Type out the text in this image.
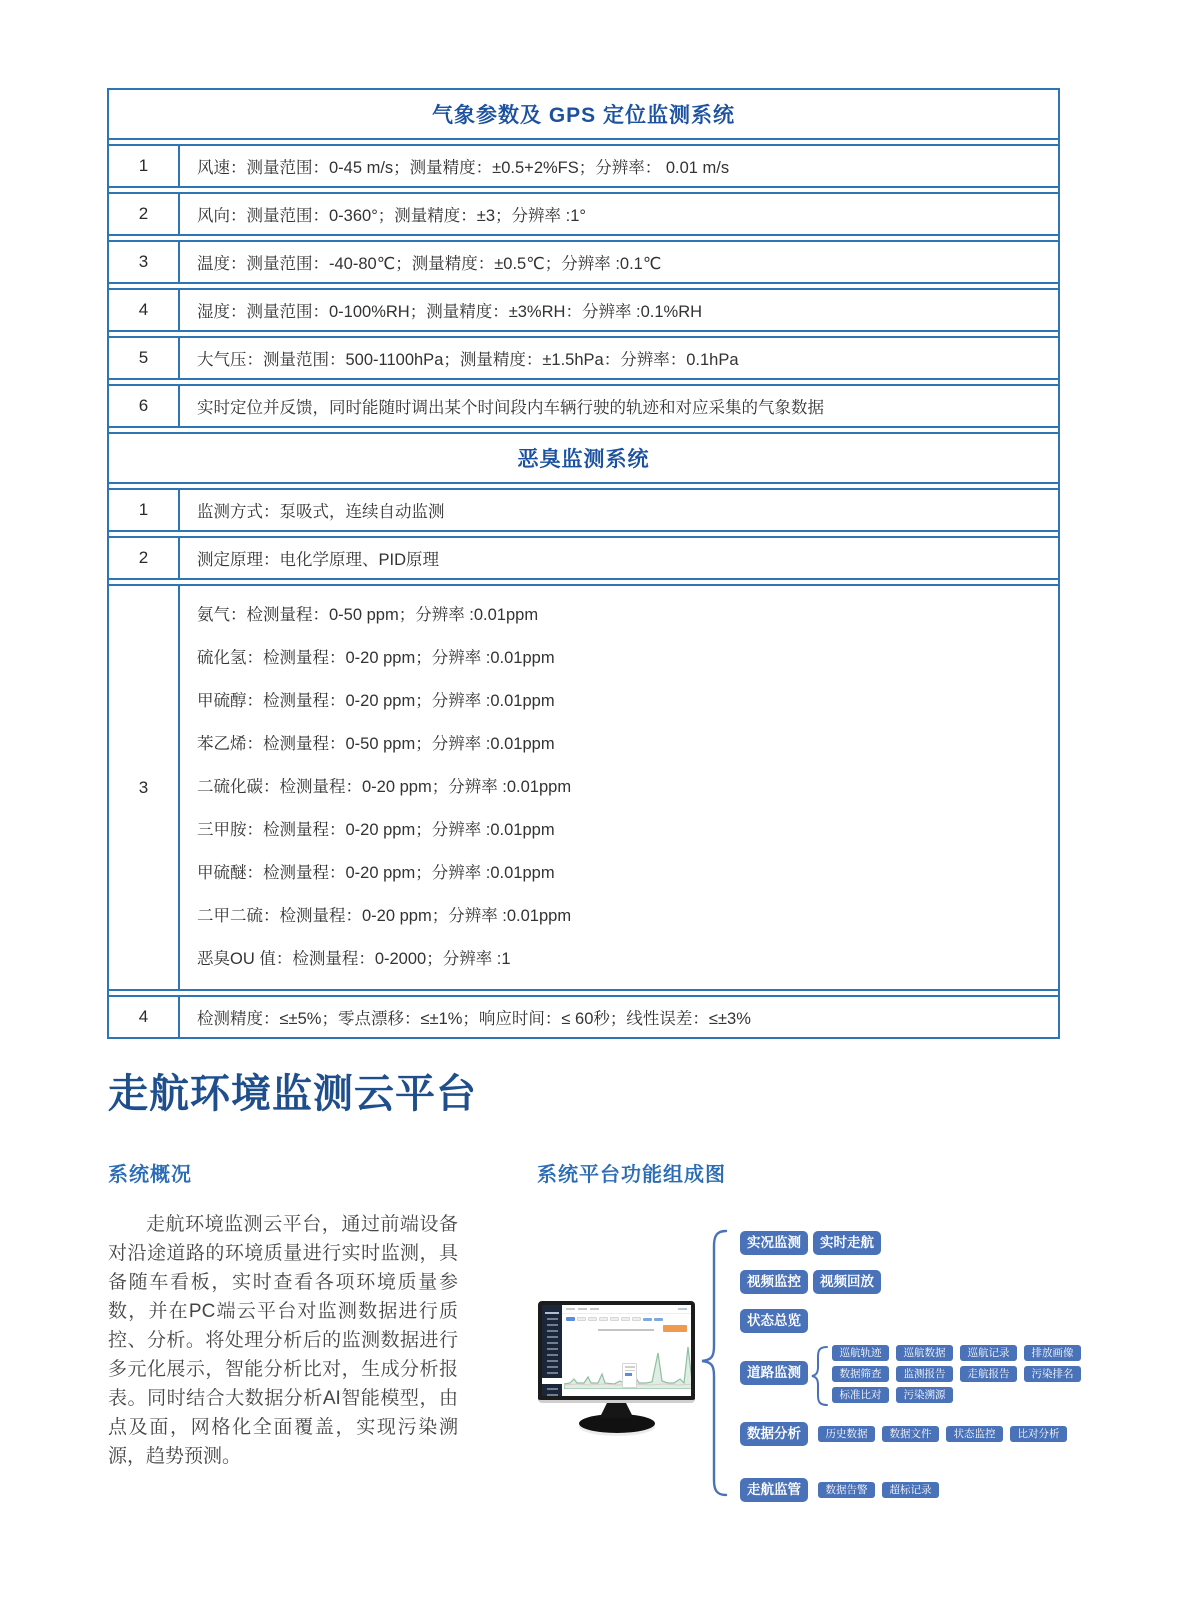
气象参数及 GPS 定位监测系统
1	风速：测量范围：0-45 m/s；测量精度：±0.5+2%FS；分辨率： 0.01 m/s
2	风向：测量范围：0-360°；测量精度：±3；分辨率 :1°
3	温度：测量范围：-40-80℃；测量精度：±0.5℃；分辨率 :0.1℃
4	湿度：测量范围：0-100%RH；测量精度：±3%RH：分辨率 :0.1%RH
5	大气压：测量范围：500-1100hPa；测量精度：±1.5hPa：分辨率：0.1hPa
6	实时定位并反馈，同时能随时调出某个时间段内车辆行驶的轨迹和对应采集的气象数据
恶臭监测系统
1	监测方式：泵吸式，连续自动监测
2	测定原理：电化学原理、PID原理
3
氨气：检测量程：0-50 ppm；分辨率 :0.01ppm
硫化氢：检测量程：0-20 ppm；分辨率 :0.01ppm
甲硫醇：检测量程：0-20 ppm；分辨率 :0.01ppm
苯乙烯：检测量程：0-50 ppm；分辨率 :0.01ppm
二硫化碳：检测量程：0-20 ppm；分辨率 :0.01ppm
三甲胺：检测量程：0-20 ppm；分辨率 :0.01ppm
甲硫醚：检测量程：0-20 ppm；分辨率 :0.01ppm
二甲二硫：检测量程：0-20 ppm；分辨率 :0.01ppm
恶臭OU 值：检测量程：0-2000；分辨率 :1
4	检测精度：≤±5%；零点漂移：≤±1%；响应时间：≤ 60秒；线性误差：≤±3%
走航环境监测云平台
系统概况	系统平台功能组成图

走航环境监测云平台，通过前端设备对沿途道路的环境质量进行实时监测，具备随车看板，实时查看各项环境质量参数，并在PC端云平台对监测数据进行质控、分析。将处理分析后的监测数据进行多元化展示，智能分析比对，生成分析报表。同时结合大数据分析AI智能模型，由点及面，网格化全面覆盖，实现污染溯源，趋势预测。

实况监测
视频监控
状态总览
道路监测
数据分析
走航监管
实时走航
视频回放
巡航轨迹	巡航数据	巡航记录	排放画像
数据筛查	监测报告	走航报告	污染排名
标准比对	污染溯源
历史数据	数据文件	状态监控	比对分析
数据告警	超标记录
